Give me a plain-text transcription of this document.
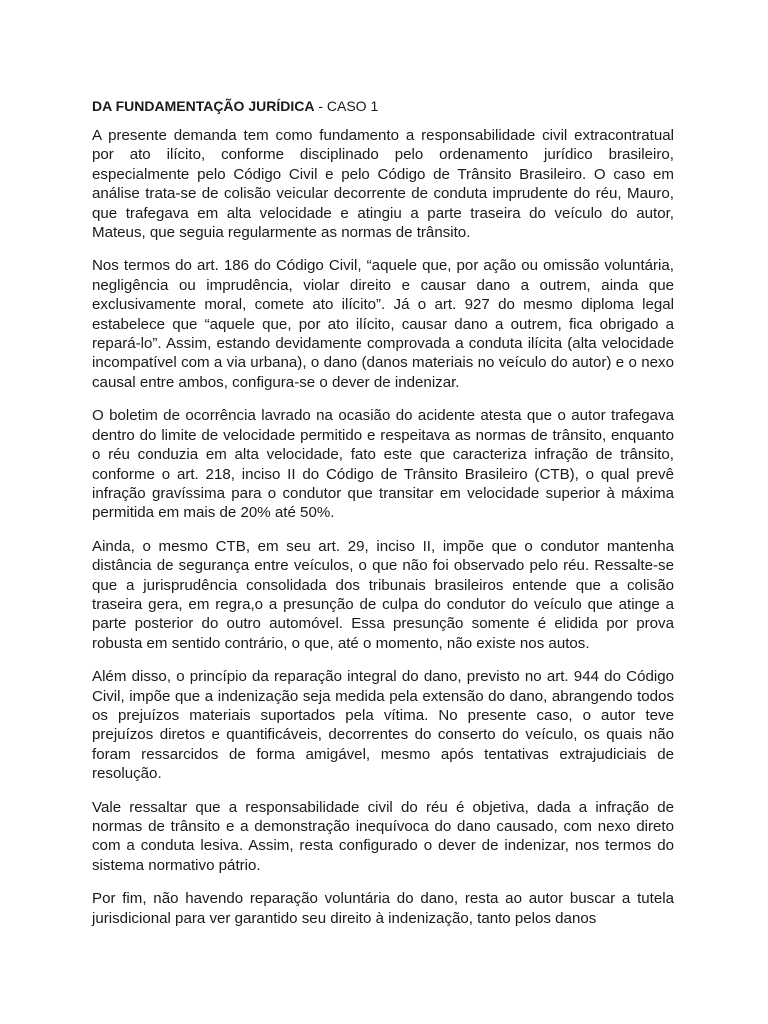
DA FUNDAMENTAÇÃO JURÍDICA - CASO 1

A presente demanda tem como fundamento a responsabilidade civil extracontratual por ato ilícito, conforme disciplinado pelo ordenamento jurídico brasileiro, especialmente pelo Código Civil e pelo Código de Trânsito Brasileiro. O caso em análise trata-se de colisão veicular decorrente de conduta imprudente do réu, Mauro, que trafegava em alta velocidade e atingiu a parte traseira do veículo do autor, Mateus, que seguia regularmente as normas de trânsito.

Nos termos do art. 186 do Código Civil, “aquele que, por ação ou omissão voluntária, negligência ou imprudência, violar direito e causar dano a outrem, ainda que exclusivamente moral, comete ato ilícito”. Já o art. 927 do mesmo diploma legal estabelece que “aquele que, por ato ilícito, causar dano a outrem, fica obrigado a repará-lo”. Assim, estando devidamente comprovada a conduta ilícita (alta velocidade incompatível com a via urbana), o dano (danos materiais no veículo do autor) e o nexo causal entre ambos, configura-se o dever de indenizar.

O boletim de ocorrência lavrado na ocasião do acidente atesta que o autor trafegava dentro do limite de velocidade permitido e respeitava as normas de trânsito, enquanto o réu conduzia em alta velocidade, fato este que caracteriza infração de trânsito, conforme o art. 218, inciso II do Código de Trânsito Brasileiro (CTB), o qual prevê infração gravíssima para o condutor que transitar em velocidade superior à máxima permitida em mais de 20% até 50%.

Ainda, o mesmo CTB, em seu art. 29, inciso II, impõe que o condutor mantenha distância de segurança entre veículos, o que não foi observado pelo réu. Ressalte-se que a jurisprudência consolidada dos tribunais brasileiros entende que a colisão traseira gera, em regra,o a presunção de culpa do condutor do veículo que atinge a parte posterior do outro automóvel. Essa presunção somente é elidida por prova robusta em sentido contrário, o que, até o momento, não existe nos autos.

Além disso, o princípio da reparação integral do dano, previsto no art. 944 do Código Civil, impõe que a indenização seja medida pela extensão do dano, abrangendo todos os prejuízos materiais suportados pela vítima. No presente caso, o autor teve prejuízos diretos e quantificáveis, decorrentes do conserto do veículo, os quais não foram ressarcidos de forma amigável, mesmo após tentativas extrajudiciais de resolução.

Vale ressaltar que a responsabilidade civil do réu é objetiva, dada a infração de normas de trânsito e a demonstração inequívoca do dano causado, com nexo direto com a conduta lesiva. Assim, resta configurado o dever de indenizar, nos termos do sistema normativo pátrio.

Por fim, não havendo reparação voluntária do dano, resta ao autor buscar a tutela jurisdicional para ver garantido seu direito à indenização, tanto pelos danos
